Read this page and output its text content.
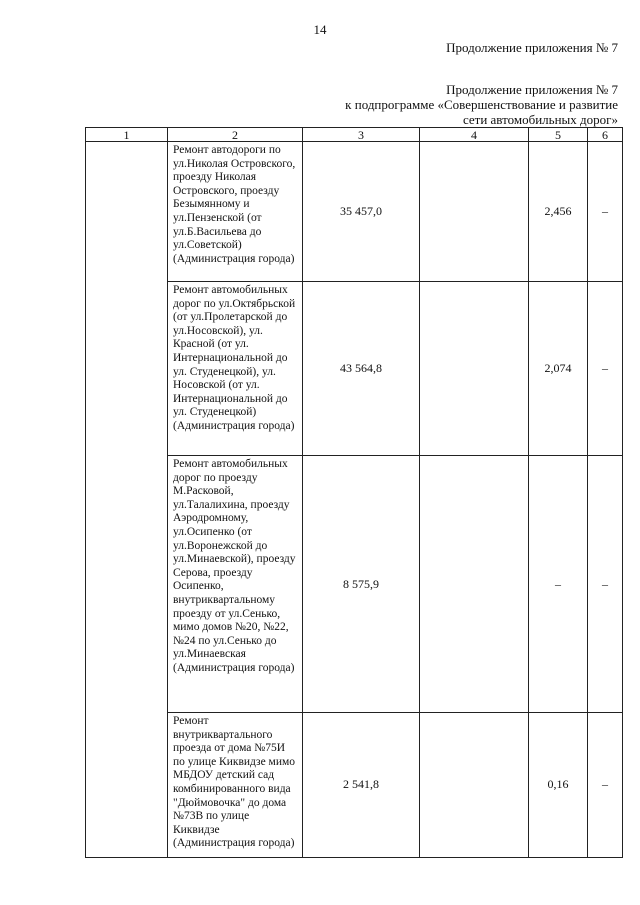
14
Продолжение приложения № 7
Продолжение приложения № 7
к подпрограмме «Совершенствование и развитие
сети автомобильных дорог»
1	2	3	4	5	6
	Ремонт автодороги по ул.Николая Островского, проезду Николая Островского, проезду Безымянному и ул.Пензенской (от ул.Б.Васильева до ул.Советской) (Администрация города)	35 457,0		2,456	–
	Ремонт автомобильных дорог по ул.Октябрьской (от ул.Пролетарской до ул.Носовской), ул. Красной (от ул. Интернациональной до ул. Студенецкой), ул. Носовской (от ул. Интернациональной до ул. Студенецкой) (Администрация города)	43 564,8		2,074	–
	Ремонт автомобильных дорог по проезду М.Расковой, ул.Талалихина, проезду Аэродромному, ул.Осипенко (от ул.Воронежской до ул.Минаевской), проезду Серова, проезду Осипенко, внутриквартальному проезду от ул.Сенько, мимо домов №20, №22, №24 по ул.Сенько до ул.Минаевская (Администрация города)	8 575,9		–	–
	Ремонт внутриквартального проезда от дома №75И по улице Киквидзе мимо МБДОУ детский сад комбинированного вида "Дюймовочка" до дома №73В по улице Киквидзе (Администрация города)	2 541,8		0,16	–
